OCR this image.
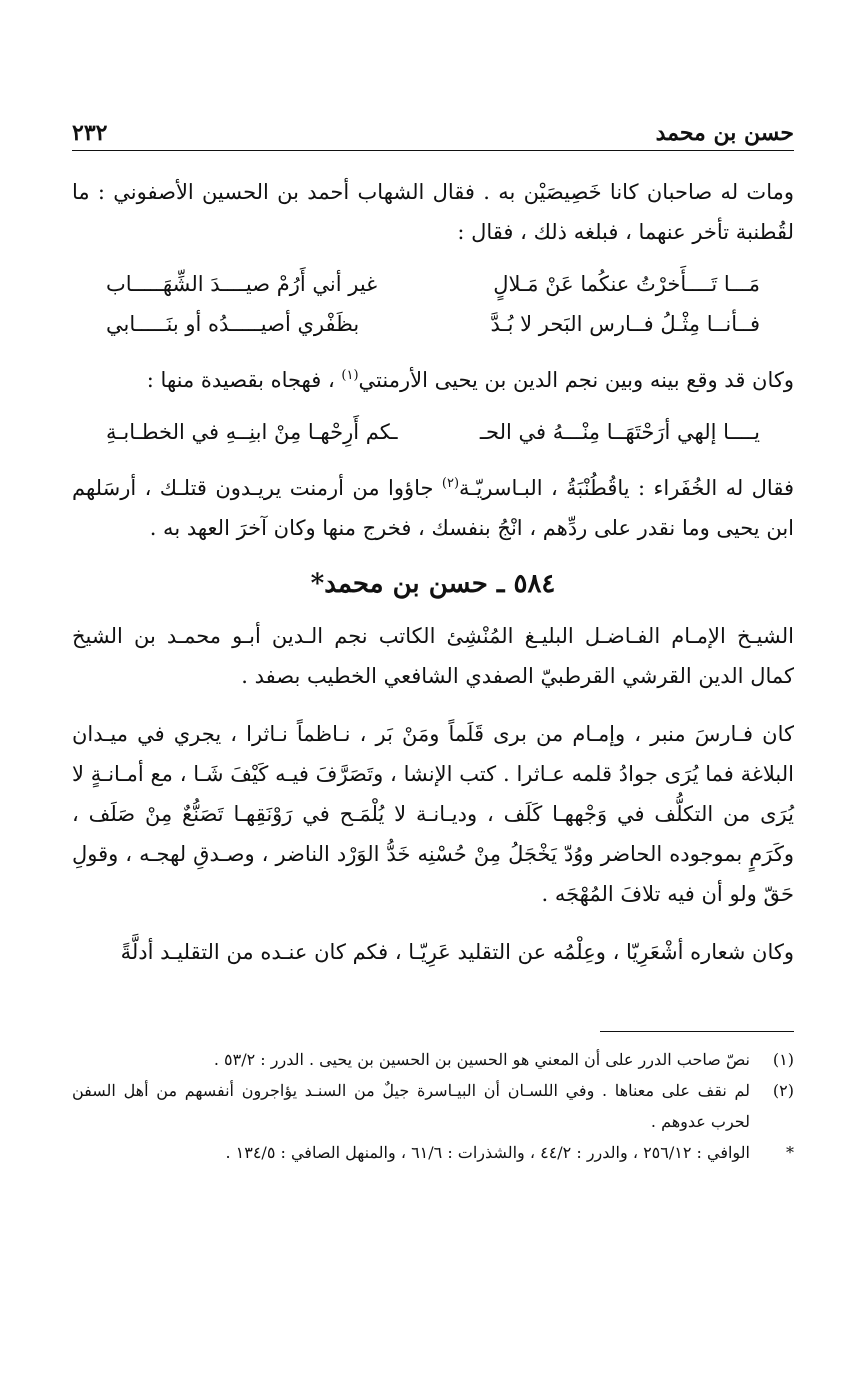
حسن بن محمد
٢٣٢

ومات له صاحبان كانا خَصِيصَيْن به . فقال الشهاب أحمد بن الحسين الأصفوني : ما لقُطنبة تأخر عنهما ، فبلغه ذلك ، فقال :

مَـــا تَــــأَخرْتُ عنكُما عَنْ مَـلالٍ
غير أني أَرُمْ صيــــدَ الشِّهَـــــاب
فــأنــا مِثْـلُ فــارس البَحر لا بُـدَّ
بظَفْري أصيـــــدُه أو بنَـــــابي

وكان قد وقع بينه وبين نجم الدين بن يحيى الأرمنتي$^{(١)}$ ، فهجاه بقصيدة منها :

يــــا إلهي أرَحْتَهَــا مِنْـــهُ في الحـ
ـكم أَرِحْهـا مِنْ ابنِــهِ في الخطـابـةِ

فقال له الخُفَراء : ياقُطُنْبَةُ ، البـاسريّـة$^{(٢)}$ جاؤوا من أرمنت يريـدون قتلـك ، أرسَلهم ابن يحيى وما نقدر على ردِّهم ، انْجُ بنفسك ، فخرج منها وكان آخرَ العهد به .

٥٨٤ ـ حسن بن محمد*

الشيـخ الإمـام الفـاضـل البليـغ المُنْشِئ الكاتب نجم الـدين أبـو محمـد بن الشيخ كمال الدين القرشي القرطبيّ الصفدي الشافعي الخطيب بصفد .

كان فـارسَ منبر ، وإمـام من برى قَلَماً ومَنْ بَر ، نـاظماً نـاثرا ، يجري في ميـدان البلاغة فما يُرَى جوادُ قلمه عـاثرا . كتب الإنشا ، وتَصَرَّفَ فيـه كَيْفَ شَـا ، مع أمـانـةٍ لا يُرَى من التكلُّف في وَجْههـا كَلَف ، وديـانـة لا يُلْمَـح في رَوْنَقِهـا تَصَنُّعٌ مِنْ صَلَف ، وكَرَمٍ بموجوده الحاضر ووُدّ يَخْجَلُ مِنْ حُسْنِه خَدُّ الوَرْد الناضر ، وصـدقِ لهجـه ، وقولِ حَقّ ولو أن فيه تلافَ المُهْجَه .

وكان شعاره أشْعَرِيّا ، وعِلْمُه عن التقليد عَرِيّـا ، فكم كان عنـده من التقليـد أدلَّةً

(١)
نصّ صاحب الدرر على أن المعني هو الحسين بن الحسين بن يحيى . الدرر : ٥٣/٢ .
(٢)
لم نقف على معناها . وفي اللسـان أن البيـاسرة جيلٌ من السنـد يؤاجرون أنفسهم من أهل السفن لحرب عدوهم .
*
الوافي : ٢٥٦/١٢ ، والدرر : ٤٤/٢ ، والشذرات : ٦١/٦ ، والمنهل الصافي : ١٣٤/٥ .
